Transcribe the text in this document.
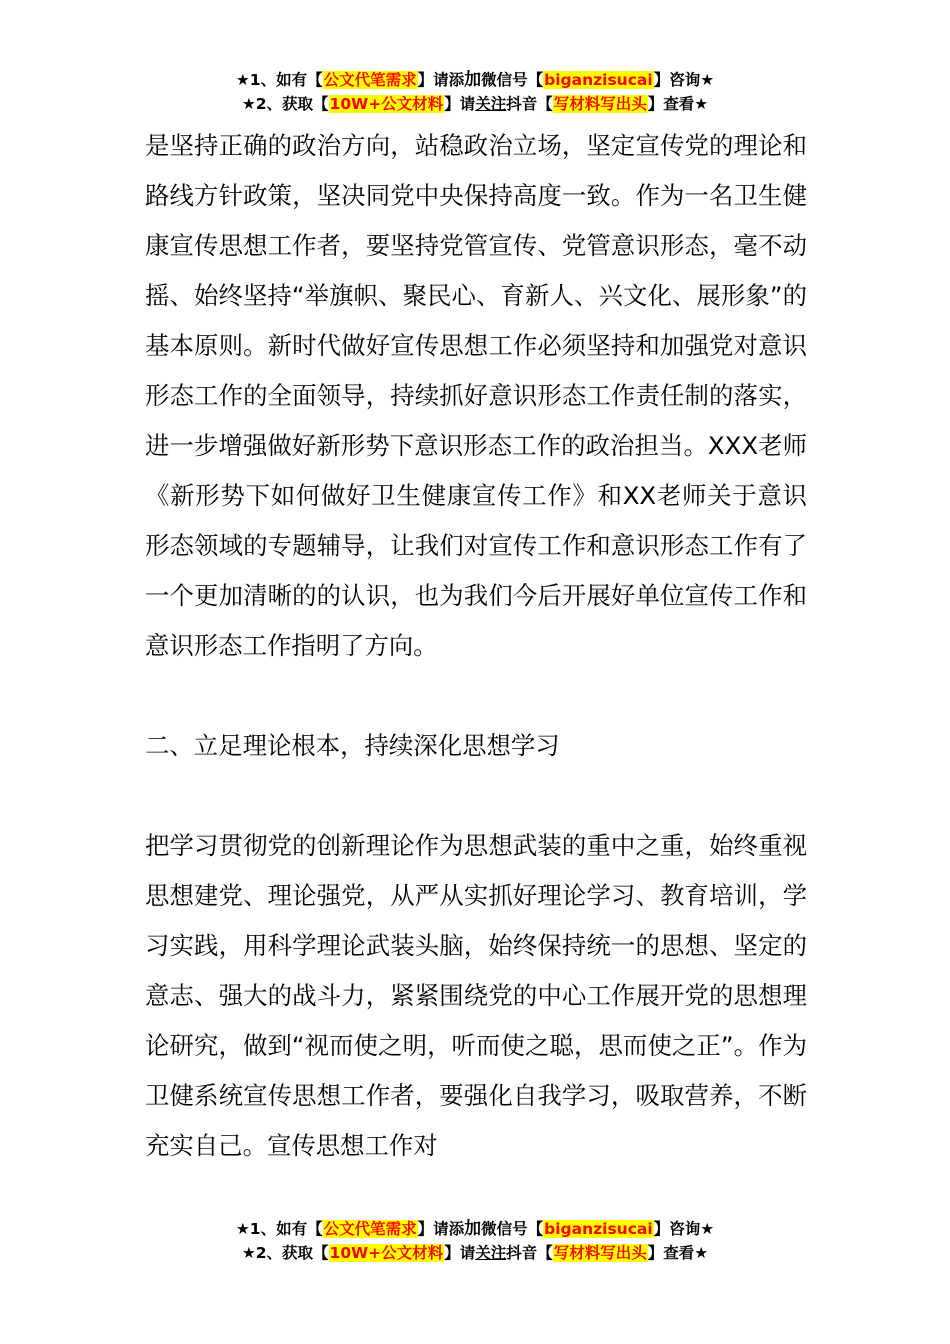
★1、如有【公文代笔需求】请添加微信号【biganzisucai】咨询★
★2、获取【10W+公文材料】请关注抖音【写材料写出头】查看★

是坚持正确的政治方向，站稳政治立场，坚定宣传党的理论和路线方针政策，坚决同党中央保持高度一致。作为一名卫生健康宣传思想工作者，要坚持党管宣传、党管意识形态，毫不动摇、始终坚持“举旗帜、聚民心、育新人、兴文化、展形象”的基本原则。新时代做好宣传思想工作必须坚持和加强党对意识形态工作的全面领导，持续抓好意识形态工作责任制的落实，进一步增强做好新形势下意识形态工作的政治担当。XXX老师《新形势下如何做好卫生健康宣传工作》和XX老师关于意识形态领域的专题辅导，让我们对宣传工作和意识形态工作有了一个更加清晰的的认识，也为我们今后开展好单位宣传工作和意识形态工作指明了方向。

二、立足理论根本，持续深化思想学习

把学习贯彻党的创新理论作为思想武装的重中之重，始终重视思想建党、理论强党，从严从实抓好理论学习、教育培训，学习实践，用科学理论武装头脑，始终保持统一的思想、坚定的意志、强大的战斗力，紧紧围绕党的中心工作展开党的思想理论研究，做到“视而使之明，听而使之聪，思而使之正”。作为卫健系统宣传思想工作者，要强化自我学习，吸取营养，不断充实自己。宣传思想工作对

★1、如有【公文代笔需求】请添加微信号【biganzisucai】咨询★
★2、获取【10W+公文材料】请关注抖音【写材料写出头】查看★
